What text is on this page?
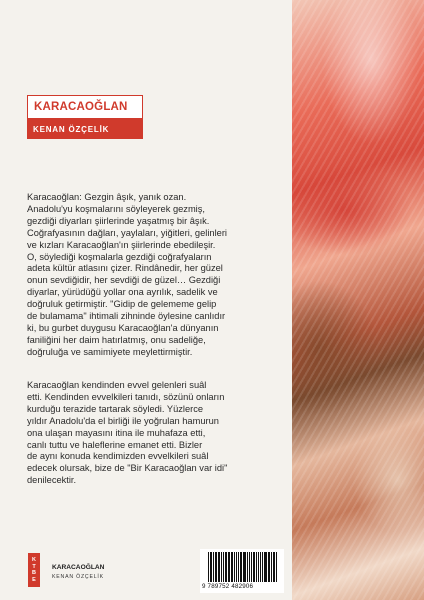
KARACAOĞLAN
KENAN ÖZÇELİK

Karacaoğlan: Gezgin âşık, yanık ozan.

Anadolu'yu koşmalarını söyleyerek gezmiş,

gezdiği diyarları şiirlerinde yaşatmış bir âşık.

Coğrafyasının dağları, yaylaları, yiğitleri, gelinleri

ve kızları Karacaoğlan'ın şiirlerinde ebedileşir.

O, söylediği koşmalarla gezdiği coğrafyaların

adeta kültür atlasını çizer. Rindânedir, her güzel

onun sevdiğidir, her sevdiği de güzel… Gezdiği

diyarlar, yürüdüğü yollar ona ayrılık, sadelik ve

doğruluk getirmiştir. "Gidip de gelememe gelip

de bulamama" ihtimali zihninde öylesine canlıdır

ki, bu gurbet duygusu Karacaoğlan'a dünyanın

faniliğini her daim hatırlatmış, onu sadeliğe,

doğruluğa ve samimiyete meylettirmiştir.

Karacaoğlan kendinden evvel gelenleri suâl

etti. Kendinden evvelkileri tanıdı, sözünü onların

kurduğu terazide tartarak söyledi. Yüzlerce

yıldır Anadolu'da el birliği ile yoğrulan hamurun

ona ulaşan mayasını itina ile muhafaza etti,

canlı tuttu ve haleflerine emanet etti. Bizler

de aynı konuda kendimizden evvelkileri suâl

edecek olursak, bize de "Bir Karacaoğlan var idi"

denilecektir.

K
T
B
E
KARACAOĞLAN
KENAN ÖZÇELİK
9 789752 482906
